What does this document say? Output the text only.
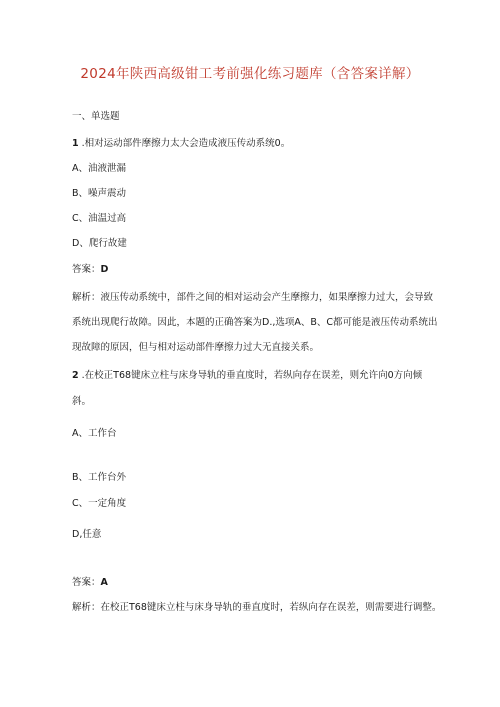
2024年陕西高级钳工考前强化练习题库（含答案详解）
一、单选题
1 .相对运动部件摩擦力太大会造成液压传动系统0。
A、油液泄漏
B、噪声震动
C、油温过高
D、爬行故建
答案：D
解析：液压传动系统中，部件之间的相对运动会产生摩擦力，如果摩擦力过大，会导致
系统出现爬行故障。因此，本题的正确答案为D.,选项A、B、C都可能是液压传动系统出
现故障的原因，但与相对运动部件摩擦力过大无直接关系。
2 .在校正T68键床立柱与床身导轨的垂直度时，若纵向存在误差，则允许向0方向倾
斜。
A、工作台
B、工作台外
C、一定角度
D,任意
答案：A
解析：在校正T68键床立柱与床身导轨的垂直度时，若纵向存在误差，则需要进行调整。
